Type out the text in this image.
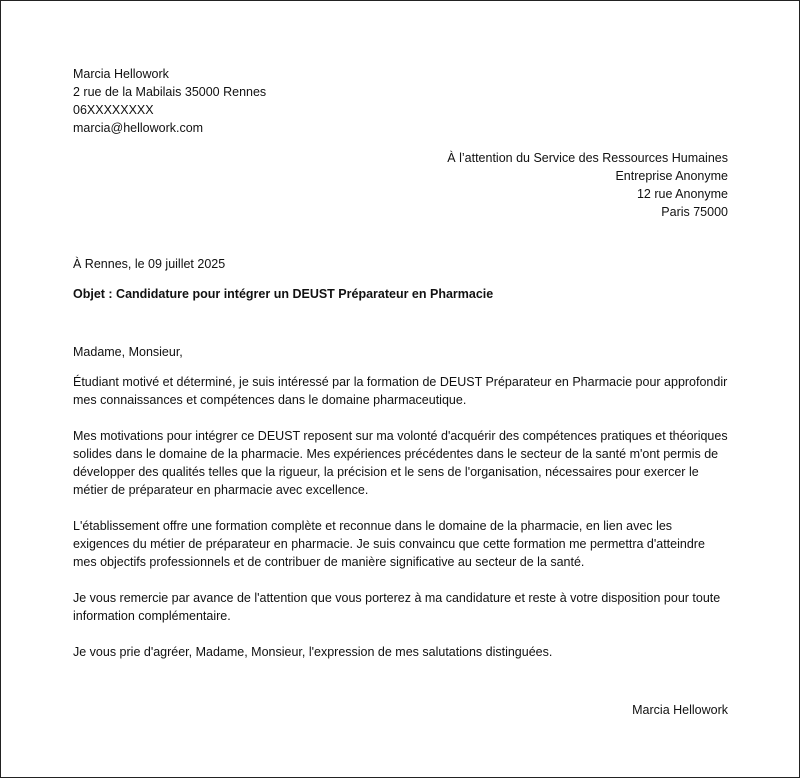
Marcia Hellowork

2 rue de la Mabilais 35000 Rennes

06XXXXXXXX

marcia@hellowork.com

À l’attention du Service des Ressources Humaines

Entreprise Anonyme

12 rue Anonyme

Paris 75000

À Rennes, le 09 juillet 2025

Objet : Candidature pour intégrer un DEUST Préparateur en Pharmacie

Madame, Monsieur,

Étudiant motivé et déterminé, je suis intéressé par la formation de DEUST Préparateur en Pharmacie pour approfondir mes connaissances et compétences dans le domaine pharmaceutique.

Mes motivations pour intégrer ce DEUST reposent sur ma volonté d'acquérir des compétences pratiques et théoriques solides dans le domaine de la pharmacie. Mes expériences précédentes dans le secteur de la santé m'ont permis de développer des qualités telles que la rigueur, la précision et le sens de l'organisation, nécessaires pour exercer le métier de préparateur en pharmacie avec excellence.

L'établissement offre une formation complète et reconnue dans le domaine de la pharmacie, en lien avec les exigences du métier de préparateur en pharmacie. Je suis convaincu que cette formation me permettra d'atteindre mes objectifs professionnels et de contribuer de manière significative au secteur de la santé.

Je vous remercie par avance de l'attention que vous porterez à ma candidature et reste à votre disposition pour toute information complémentaire.

Je vous prie d'agréer, Madame, Monsieur, l'expression de mes salutations distinguées.

Marcia Hellowork
